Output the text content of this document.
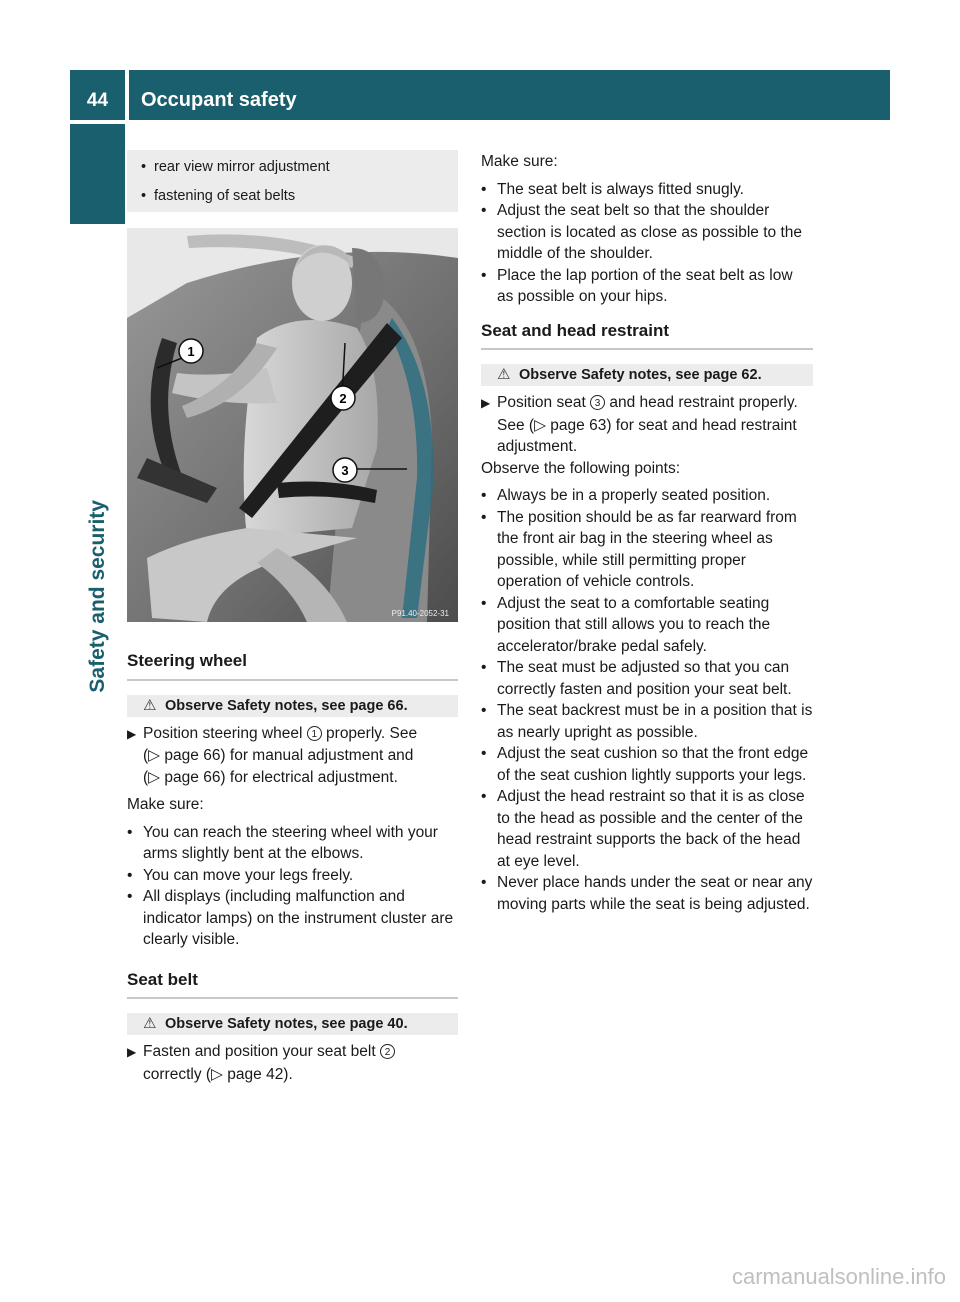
44	Occupant safety
Safety and security
• rear view mirror adjustment
• fastening of seat belts
1
2
3
P91.40-2052-31
Steering wheel
⚠ Observe Safety notes, see page 66.

▶ Position steering wheel 1 properly. See
(▷ page 66) for manual adjustment and
(▷ page 66) for electrical adjustment.

Make sure:

• You can reach the steering wheel with your arms slightly bent at the elbows.

• You can move your legs freely.

• All displays (including malfunction and indicator lamps) on the instrument cluster are clearly visible.

Seat belt
⚠ Observe Safety notes, see page 40.

▶ Fasten and position your seat belt 2
correctly (▷ page 42).

Make sure:

• The seat belt is always fitted snugly.

• Adjust the seat belt so that the shoulder section is located as close as possible to the middle of the shoulder.

• Place the lap portion of the seat belt as low as possible on your hips.

Seat and head restraint
⚠ Observe Safety notes, see page 62.

▶ Position seat 3 and head restraint properly. See (▷ page 63) for seat and head restraint adjustment.

Observe the following points:

• Always be in a properly seated position.

• The position should be as far rearward from the front air bag in the steering wheel as possible, while still permitting proper operation of vehicle controls.

• Adjust the seat to a comfortable seating position that still allows you to reach the accelerator/brake pedal safely.

• The seat must be adjusted so that you can correctly fasten and position your seat belt.

• The seat backrest must be in a position that is as nearly upright as possible.

• Adjust the seat cushion so that the front edge of the seat cushion lightly supports your legs.

• Adjust the head restraint so that it is as close to the head as possible and the center of the head restraint supports the back of the head at eye level.

• Never place hands under the seat or near any moving parts while the seat is being adjusted.

carmanualsonline.info
